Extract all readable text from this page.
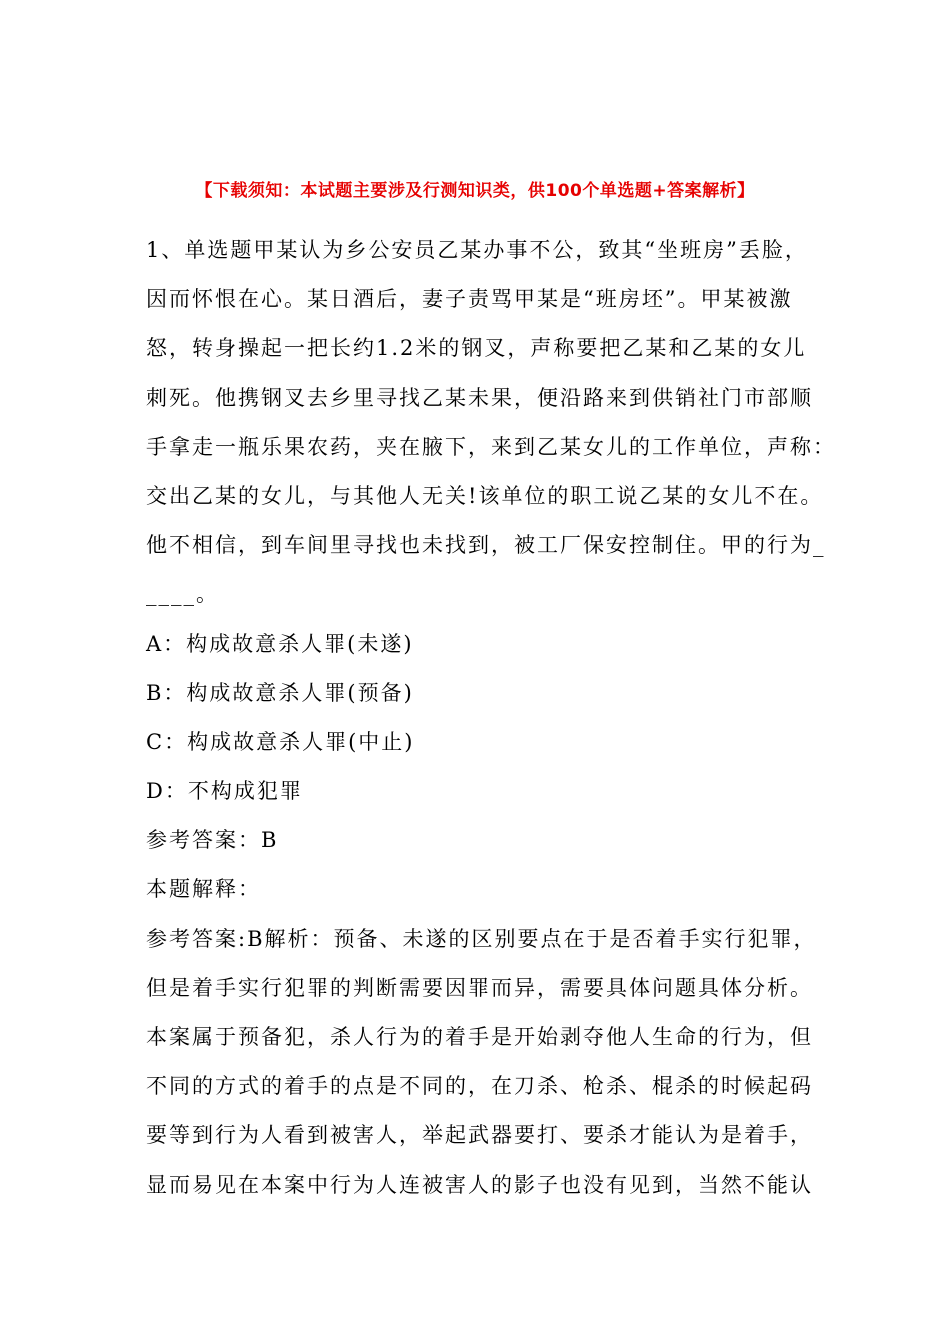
【下载须知：本试题主要涉及行测知识类，供100个单选题+答案解析】
1、单选题甲某认为乡公安员乙某办事不公，致其“坐班房”丢脸，
因而怀恨在心。某日酒后，妻子责骂甲某是“班房坯”。甲某被激
怒，转身操起一把长约1.2米的钢叉，声称要把乙某和乙某的女儿
刺死。他携钢叉去乡里寻找乙某未果，便沿路来到供销社门市部顺
手拿走一瓶乐果农药，夹在腋下，来到乙某女儿的工作单位，声称：
交出乙某的女儿，与其他人无关!该单位的职工说乙某的女儿不在。
他不相信，到车间里寻找也未找到，被工厂保安控制住。甲的行为_
____。
A：构成故意杀人罪(未遂)
B：构成故意杀人罪(预备)
C：构成故意杀人罪(中止)
D：不构成犯罪
参考答案：B
本题解释：
参考答案:B解析：预备、未遂的区别要点在于是否着手实行犯罪，
但是着手实行犯罪的判断需要因罪而异，需要具体问题具体分析。
本案属于预备犯，杀人行为的着手是开始剥夺他人生命的行为，但
不同的方式的着手的点是不同的，在刀杀、枪杀、棍杀的时候起码
要等到行为人看到被害人，举起武器要打、要杀才能认为是着手，
显而易见在本案中行为人连被害人的影子也没有见到，当然不能认
